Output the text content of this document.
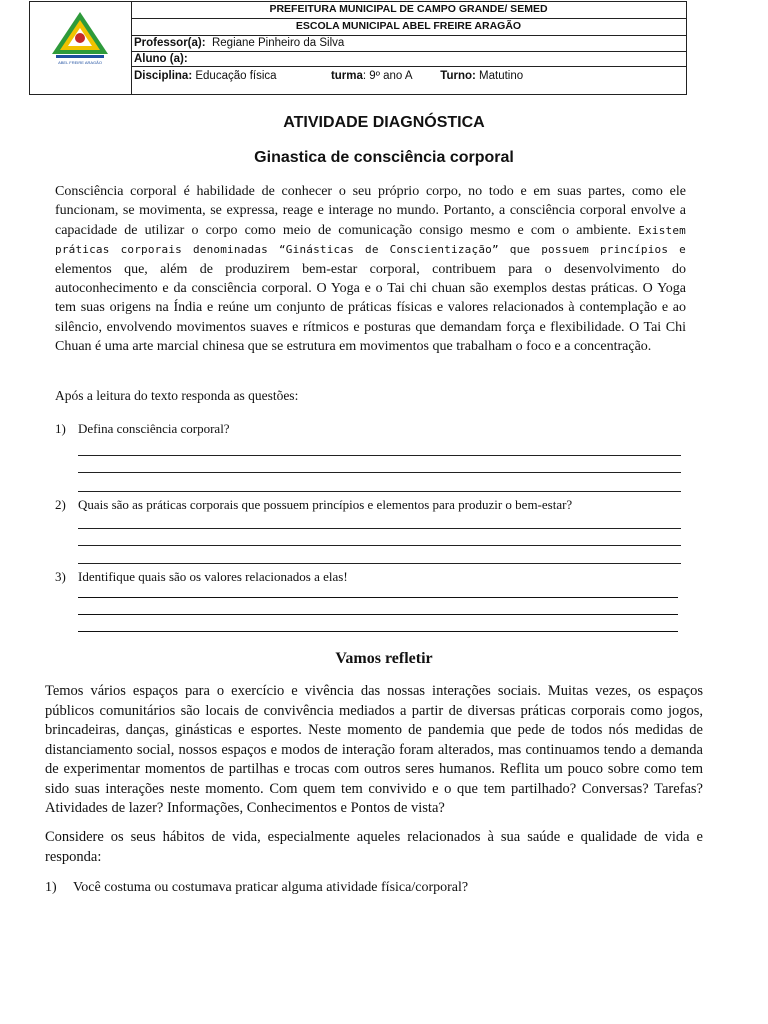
ABEL FREIRE ARAGÃO
PREFEITURA MUNICIPAL DE CAMPO GRANDE/ SEMED
ESCOLA MUNICIPAL ABEL FREIRE ARAGÃO
Professor(a): Regiane Pinheiro da Silva
Aluno (a):
Disciplina: Educação física	turma: 9º ano A Turno: Matutino
ATIVIDADE DIAGNÓSTICA
Ginastica de consciência corporal
Consciência corporal é habilidade de conhecer o seu próprio corpo, no todo e em suas partes, como ele funcionam, se movimenta, se expressa, reage e interage no mundo. Portanto, a consciência corporal envolve a capacidade de utilizar o corpo como meio de comunicação consigo mesmo e com o ambiente. Existem práticas corporais denominadas “Ginásticas de Conscientização” que possuem princípios e elementos que, além de produzirem bem-estar corporal, contribuem para o desenvolvimento do autoconhecimento e da consciência corporal. O Yoga e o Tai chi chuan são exemplos destas práticas. O Yoga tem suas origens na Índia e reúne um conjunto de práticas físicas e valores relacionados à contemplação e ao silêncio, envolvendo movimentos suaves e rítmicos e posturas que demandam força e flexibilidade. O Tai Chi Chuan é uma arte marcial chinesa que se estrutura em movimentos que trabalham o foco e a concentração.
Após a leitura do texto responda as questões:
1) Defina consciência corporal?
2) Quais são as práticas corporais que possuem princípios e elementos para produzir o bem-estar?
3) Identifique quais são os valores relacionados a elas!
Vamos refletir
Temos vários espaços para o exercício e vivência das nossas interações sociais. Muitas vezes, os espaços públicos comunitários são locais de convivência mediados a partir de diversas práticas corporais como jogos, brincadeiras, danças, ginásticas e esportes. Neste momento de pandemia que pede de todos nós medidas de distanciamento social, nossos espaços e modos de interação foram alterados, mas continuamos tendo a demanda de experimentar momentos de partilhas e trocas com outros seres humanos. Reflita um pouco sobre como tem sido suas interações neste momento. Com quem tem convivido e o que tem partilhado? Conversas? Tarefas? Atividades de lazer? Informações, Conhecimentos e Pontos de vista?
Considere os seus hábitos de vida, especialmente aqueles relacionados à sua saúde e qualidade de vida e responda:
1) Você costuma ou costumava praticar alguma atividade física/corporal?
